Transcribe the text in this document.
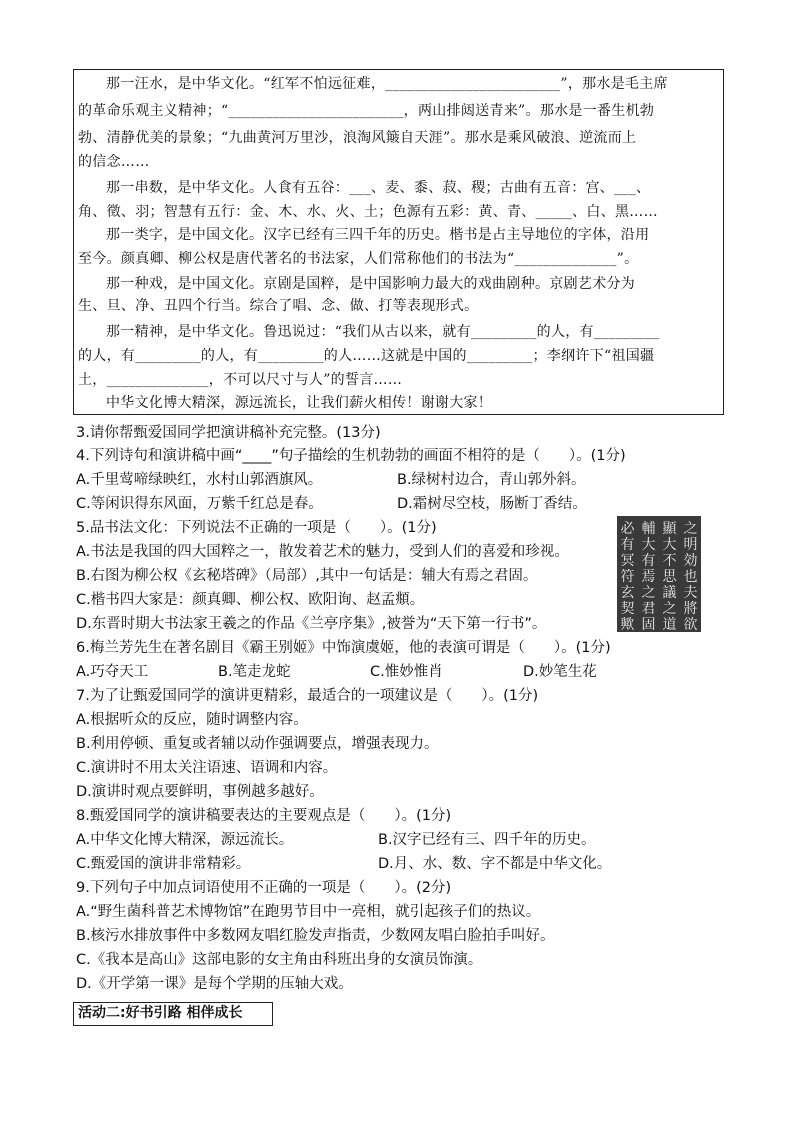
那一汪水，是中华文化。“红军不怕远征难，________________________”，那水是毛主席
的革命乐观主义精神；“________________________，两山排闼送青来”。那水是一番生机勃
勃、清静优美的景象；“九曲黄河万里沙，浪淘风簸自天涯”。那水是乘风破浪、逆流而上
的信念……
那一串数，是中华文化。人食有五谷：___、麦、黍、菽、稷；古曲有五音：宫、___、
角、徵、羽；智慧有五行：金、木、水、火、土；色源有五彩：黄、青、_____、白、黑……
那一类字，是中国文化。汉字已经有三四千年的历史。楷书是占主导地位的字体，沿用
至今。颜真卿、柳公权是唐代著名的书法家，人们常称他们的书法为“______________”。
那一种戏，是中国文化。京剧是国粹，是中国影响力最大的戏曲剧种。京剧艺术分为
生、旦、净、丑四个行当。综合了唱、念、做、打等表现形式。
那一精神，是中华文化。鲁迅说过：“我们从古以来，就有_________的人，有_________
的人，有_________的人，有_________的人……这就是中国的_________；李纲许下“祖国疆
土，______________，不可以尺寸与人”的誓言……
中华文化博大精深，源远流长，让我们薪火相传！谢谢大家！
3.请你帮甄爱国同学把演讲稿补充完整。(13分)
4.下列诗句和演讲稿中画“____”句子描绘的生机勃勃的画面不相符的是（　　）。(1分)
A.千里莺啼绿映红，水村山郭酒旗风。	B.绿树村边合，青山郭外斜。
C.等闲识得东风面，万紫千红总是春。	D.霜树尽空枝，肠断丁香结。
5.品书法文化：下列说法不正确的一项是（　　）。(1分)
A.书法是我国的四大国粹之一，散发着艺术的魅力，受到人们的喜爱和珍视。
B.右图为柳公权《玄秘塔碑》（局部）,其中一句话是：辅大有焉之君固。
C.楷书四大家是：颜真卿、柳公权、欧阳询、赵孟頫。
D.东晋时期大书法家王羲之的作品《兰亭序集》,被誉为“天下第一行书”。
之
明
効
也
夫
將
欲
顯
大
不
思
議
之
道
輔
大
有
焉
之
君
固
必
有
冥
符
玄
契
歟
6.梅兰芳先生在著名剧目《霸王别姬》中饰演虞姬，他的表演可谓是（　　）。(1分)
A.巧夺天工	B.笔走龙蛇	C.惟妙惟肖	D.妙笔生花
7.为了让甄爱国同学的演讲更精彩，最适合的一项建议是（　　）。(1分)
A.根据听众的反应，随时调整内容。
B.利用停顿、重复或者辅以动作强调要点，增强表现力。
C.演讲时不用太关注语速、语调和内容。
D.演讲时观点要鲜明，事例越多越好。
8.甄爱国同学的演讲稿要表达的主要观点是（　　）。(1分)
A.中华文化博大精深，源远流长。	B.汉字已经有三、四千年的历史。
C.甄爱国的演讲非常精彩。	D.月、水、数、字不都是中华文化。
9.下列句子中加点词语使用不正确的一项是（　　）。(2分)
A.“野生菌科普艺术博物馆”在跑男节目中一亮相，就引起孩子们的热议。
B.核污水排放事件中多数网友唱红脸发声指责，少数网友唱白脸拍手叫好。
C.《我本是高山》这部电影的女主角由科班出身的女演员饰演。
D.《开学第一课》是每个学期的压轴大戏。
活动二:好书引路 相伴成长
